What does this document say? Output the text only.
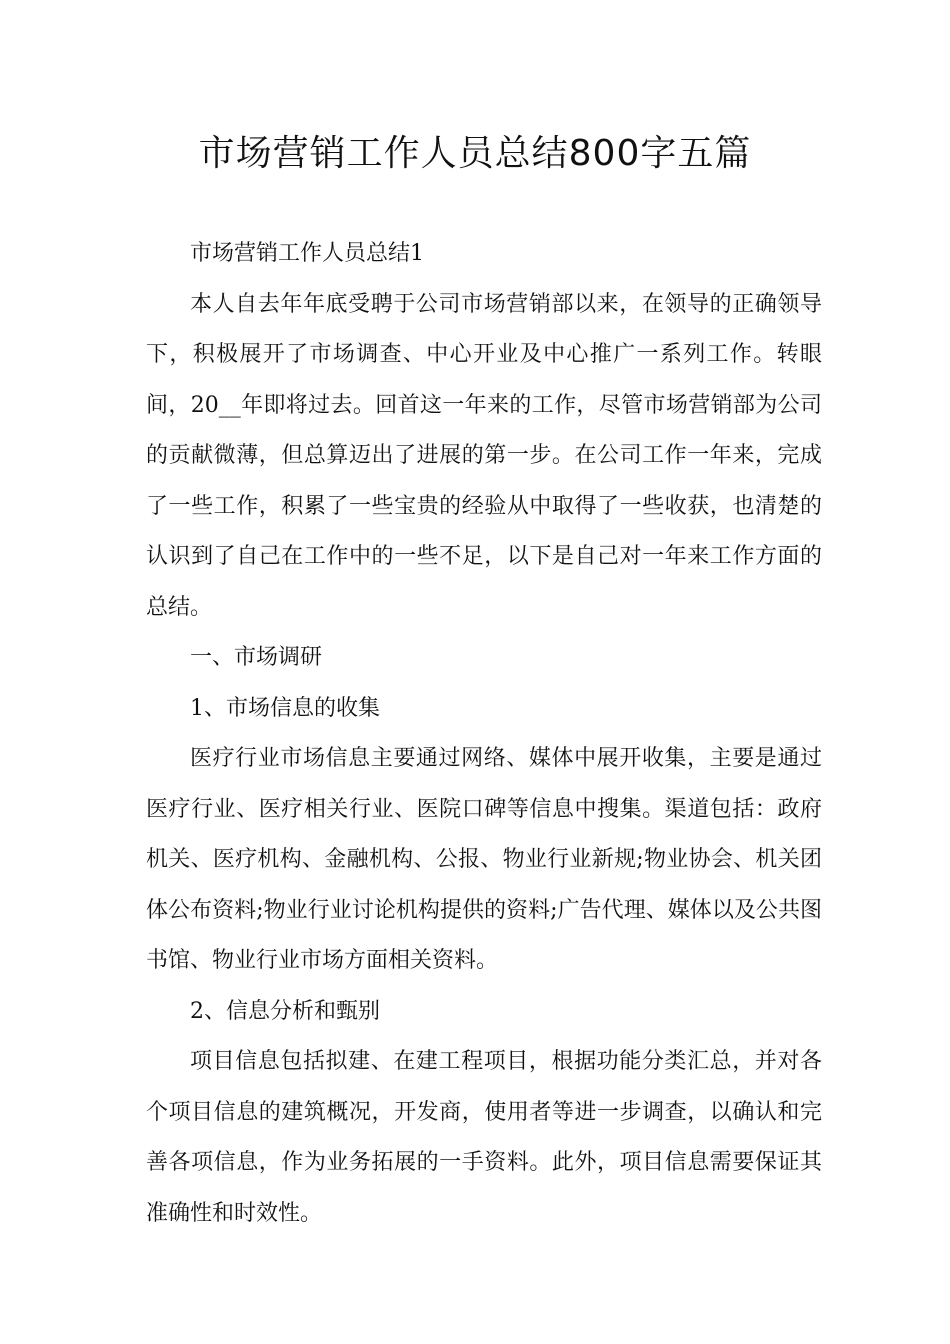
市场营销工作人员总结800字五篇

市场营销工作人员总结1

本人自去年年底受聘于公司市场营销部以来，在领导的正确领导下，积极展开了市场调查、中心开业及中心推广一系列工作。转眼间，20__年即将过去。回首这一年来的工作，尽管市场营销部为公司的贡献微薄，但总算迈出了进展的第一步。在公司工作一年来，完成了一些工作，积累了一些宝贵的经验从中取得了一些收获，也清楚的认识到了自己在工作中的一些不足，以下是自己对一年来工作方面的总结。

一、市场调研

1、市场信息的收集

医疗行业市场信息主要通过网络、媒体中展开收集，主要是通过医疗行业、医疗相关行业、医院口碑等信息中搜集。渠道包括：政府机关、医疗机构、金融机构、公报、物业行业新规;物业协会、机关团体公布资料;物业行业讨论机构提供的资料;广告代理、媒体以及公共图书馆、物业行业市场方面相关资料。

2、信息分析和甄别

项目信息包括拟建、在建工程项目，根据功能分类汇总，并对各个项目信息的建筑概况，开发商，使用者等进一步调查，以确认和完善各项信息，作为业务拓展的一手资料。此外，项目信息需要保证其准确性和时效性。
